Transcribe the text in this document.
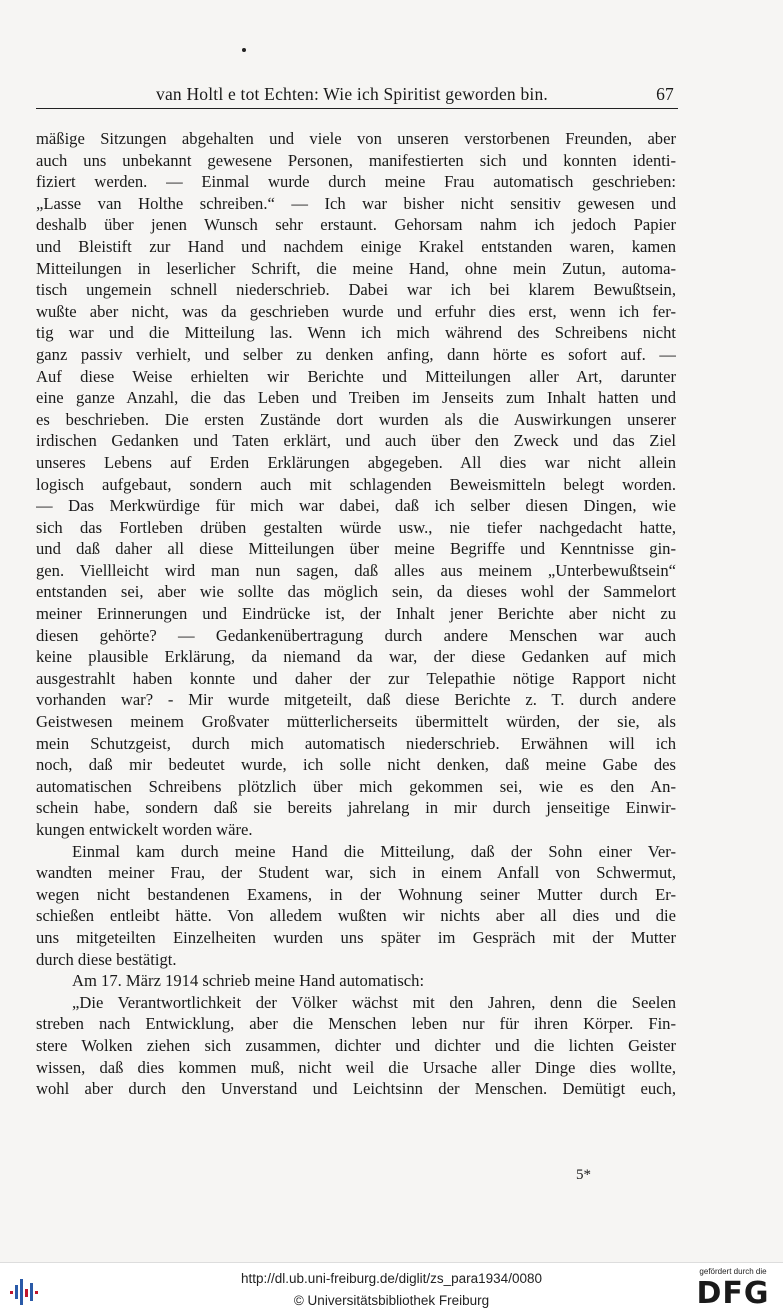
van Holtl e tot Echten: Wie ich Spiritist geworden bin.	67
mäßige Sitzungen abgehalten und viele von unseren verstorbenen Freunden, aber
auch uns unbekannt gewesene Personen, manifestierten sich und konnten identi-
fiziert werden. — Einmal wurde durch meine Frau automatisch geschrieben:
„Lasse van Holthe schreiben.“ — Ich war bisher nicht sensitiv gewesen und
deshalb über jenen Wunsch sehr erstaunt. Gehorsam nahm ich jedoch Papier
und Bleistift zur Hand und nachdem einige Krakel entstanden waren, kamen
Mitteilungen in leserlicher Schrift, die meine Hand, ohne mein Zutun, automa-
tisch ungemein schnell niederschrieb. Dabei war ich bei klarem Bewußtsein,
wußte aber nicht, was da geschrieben wurde und erfuhr dies erst, wenn ich fer-
tig war und die Mitteilung las. Wenn ich mich während des Schreibens nicht
ganz passiv verhielt, und selber zu denken anfing, dann hörte es sofort auf. —
Auf diese Weise erhielten wir Berichte und Mitteilungen aller Art, darunter
eine ganze Anzahl, die das Leben und Treiben im Jenseits zum Inhalt hatten und
es beschrieben. Die ersten Zustände dort wurden als die Auswirkungen unserer
irdischen Gedanken und Taten erklärt, und auch über den Zweck und das Ziel
unseres Lebens auf Erden Erklärungen abgegeben. All dies war nicht allein
logisch aufgebaut, sondern auch mit schlagenden Beweismitteln belegt worden.
— Das Merkwürdige für mich war dabei, daß ich selber diesen Dingen, wie
sich das Fortleben drüben gestalten würde usw., nie tiefer nachgedacht hatte,
und daß daher all diese Mitteilungen über meine Begriffe und Kenntnisse gin-
gen. Viellleicht wird man nun sagen, daß alles aus meinem „Unterbewußtsein“
entstanden sei, aber wie sollte das möglich sein, da dieses wohl der Sammelort
meiner Erinnerungen und Eindrücke ist, der Inhalt jener Berichte aber nicht zu
diesen gehörte? — Gedankenübertragung durch andere Menschen war auch
keine plausible Erklärung, da niemand da war, der diese Gedanken auf mich
ausgestrahlt haben konnte und daher der zur Telepathie nötige Rapport nicht
vorhanden war? - Mir wurde mitgeteilt, daß diese Berichte z. T. durch andere
Geistwesen meinem Großvater mütterlicherseits übermittelt würden, der sie, als
mein Schutzgeist, durch mich automatisch niederschrieb. Erwähnen will ich
noch, daß mir bedeutet wurde, ich solle nicht denken, daß meine Gabe des
automatischen Schreibens plötzlich über mich gekommen sei, wie es den An-
schein habe, sondern daß sie bereits jahrelang in mir durch jenseitige Einwir-
kungen entwickelt worden wäre.
Einmal kam durch meine Hand die Mitteilung, daß der Sohn einer Ver-
wandten meiner Frau, der Student war, sich in einem Anfall von Schwermut,
wegen nicht bestandenen Examens, in der Wohnung seiner Mutter durch Er-
schießen entleibt hätte. Von alledem wußten wir nichts aber all dies und die
uns mitgeteilten Einzelheiten wurden uns später im Gespräch mit der Mutter
durch diese bestätigt.
Am 17. März 1914 schrieb meine Hand automatisch:
„Die Verantwortlichkeit der Völker wächst mit den Jahren, denn die Seelen
streben nach Entwicklung, aber die Menschen leben nur für ihren Körper. Fin-
stere Wolken ziehen sich zusammen, dichter und dichter und die lichten Geister
wissen, daß dies kommen muß, nicht weil die Ursache aller Dinge dies wollte,
wohl aber durch den Unverstand und Leichtsinn der Menschen. Demütigt euch,
5*
http://dl.ub.uni-freiburg.de/diglit/zs_para1934/0080
© Universitätsbibliothek Freiburg
gefördert durch die
DFG
